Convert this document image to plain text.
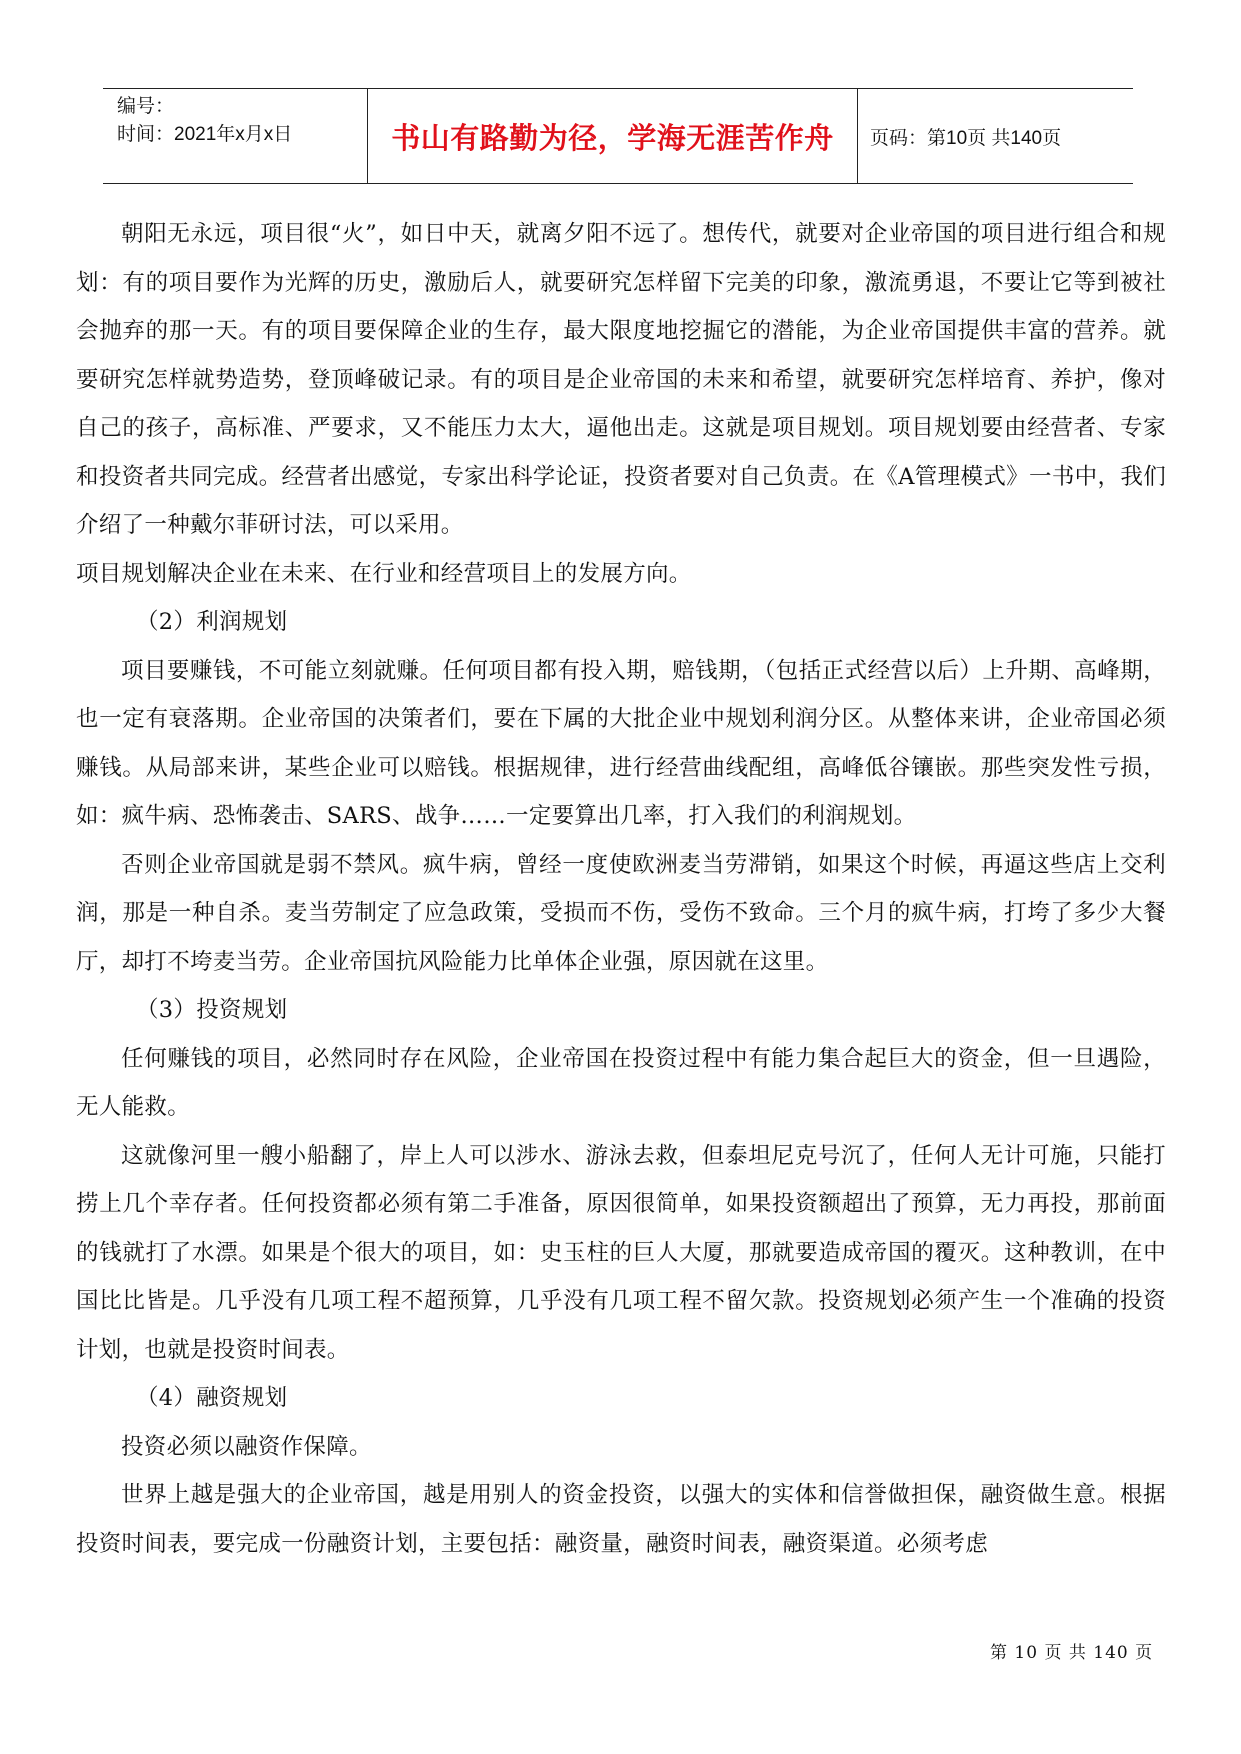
编号：
时间：2021年x月x日	书山有路勤为径，学海无涯苦作舟 页码：第10页 共140页

朝阳无永远，项目很“火”，如日中天，就离夕阳不远了。想传代，就要对企业帝国的项目进行组合和规划：有的项目要作为光辉的历史，激励后人，就要研究怎样留下完美的印象，激流勇退，不要让它等到被社会抛弃的那一天。有的项目要保障企业的生存，最大限度地挖掘它的潜能，为企业帝国提供丰富的营养。就要研究怎样就势造势，登顶峰破记录。有的项目是企业帝国的未来和希望，就要研究怎样培育、养护，像对自己的孩子，高标准、严要求，又不能压力太大，逼他出走。这就是项目规划。项目规划要由经营者、专家和投资者共同完成。经营者出感觉，专家出科学论证，投资者要对自己负责。在《A管理模式》一书中，我们介绍了一种戴尔菲研讨法，可以采用。

项目规划解决企业在未来、在行业和经营项目上的发展方向。

（2）利润规划

项目要赚钱，不可能立刻就赚。任何项目都有投入期，赔钱期，（包括正式经营以后）上升期、高峰期，也一定有衰落期。企业帝国的决策者们，要在下属的大批企业中规划利润分区。从整体来讲，企业帝国必须赚钱。从局部来讲，某些企业可以赔钱。根据规律，进行经营曲线配组，高峰低谷镶嵌。那些突发性亏损，如：疯牛病、恐怖袭击、SARS、战争……一定要算出几率，打入我们的利润规划。

否则企业帝国就是弱不禁风。疯牛病，曾经一度使欧洲麦当劳滞销，如果这个时候，再逼这些店上交利润，那是一种自杀。麦当劳制定了应急政策，受损而不伤，受伤不致命。三个月的疯牛病，打垮了多少大餐厅，却打不垮麦当劳。企业帝国抗风险能力比单体企业强，原因就在这里。

（3）投资规划

任何赚钱的项目，必然同时存在风险，企业帝国在投资过程中有能力集合起巨大的资金，但一旦遇险，无人能救。

这就像河里一艘小船翻了，岸上人可以涉水、游泳去救，但泰坦尼克号沉了，任何人无计可施，只能打捞上几个幸存者。任何投资都必须有第二手准备，原因很简单，如果投资额超出了预算，无力再投，那前面的钱就打了水漂。如果是个很大的项目，如：史玉柱的巨人大厦，那就要造成帝国的覆灭。这种教训，在中国比比皆是。几乎没有几项工程不超预算，几乎没有几项工程不留欠款。投资规划必须产生一个准确的投资计划，也就是投资时间表。

（4）融资规划

投资必须以融资作保障。

世界上越是强大的企业帝国，越是用别人的资金投资，以强大的实体和信誉做担保，融资做生意。根据投资时间表，要完成一份融资计划，主要包括：融资量，融资时间表，融资渠道。必须考虑

第 10 页 共 140 页
